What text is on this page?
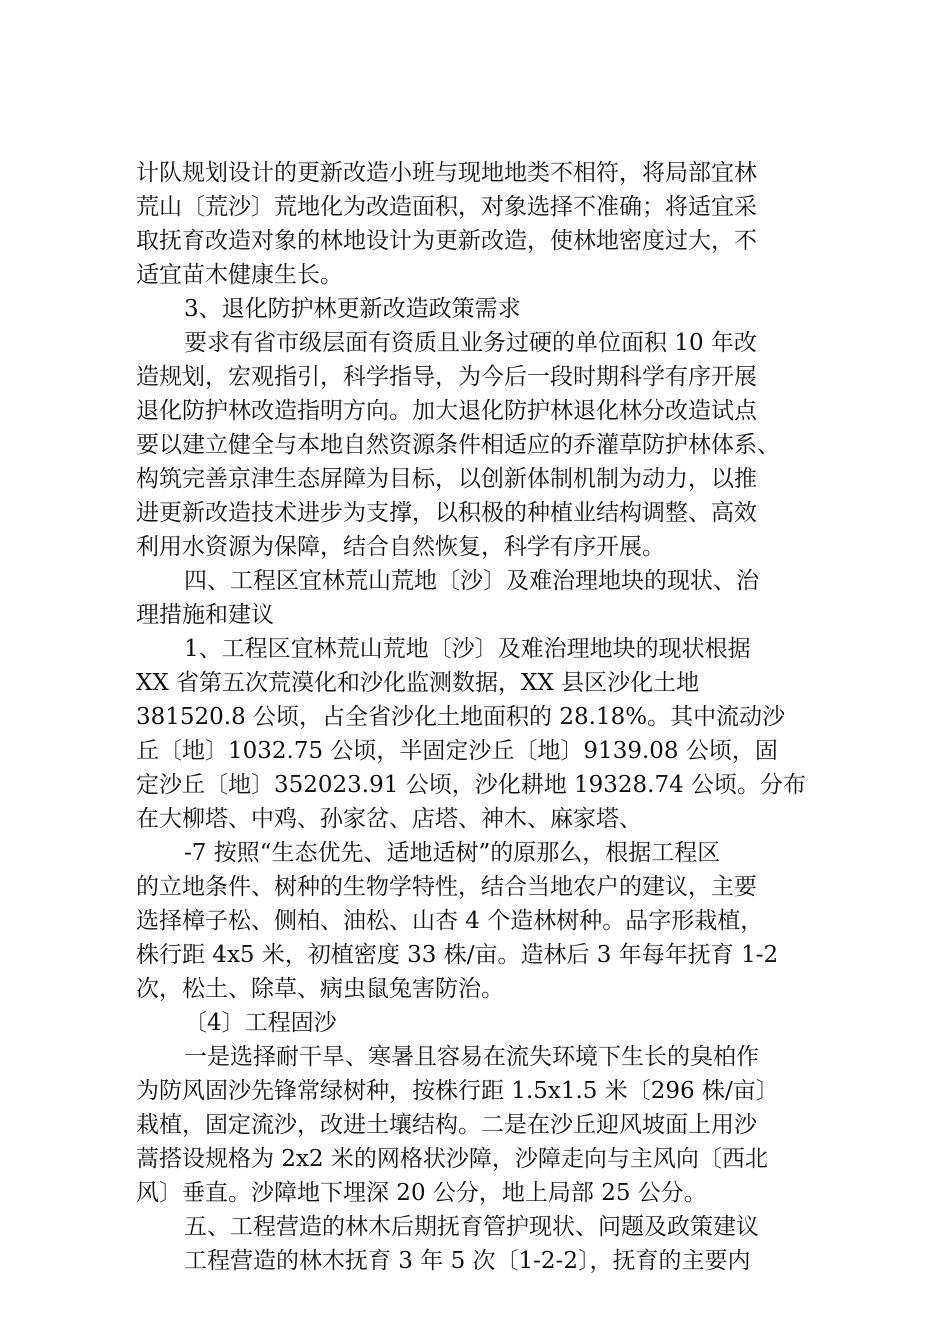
计队规划设计的更新改造小班与现地地类不相符，将局部宜林
荒山〔荒沙〕荒地化为改造面积，对象选择不准确；将适宜采
取抚育改造对象的林地设计为更新改造，使林地密度过大，不
适宜苗木健康生长。
3、退化防护林更新改造政策需求
要求有省市级层面有资质且业务过硬的单位面积 10 年改
造规划，宏观指引，科学指导，为今后一段时期科学有序开展
退化防护林改造指明方向。加大退化防护林退化林分改造试点
要以建立健全与本地自然资源条件相适应的乔灌草防护林体系、
构筑完善京津生态屏障为目标，以创新体制机制为动力，以推
进更新改造技术进步为支撑，以积极的种植业结构调整、高效
利用水资源为保障，结合自然恢复，科学有序开展。
四、工程区宜林荒山荒地〔沙〕及难治理地块的现状、治
理措施和建议
1、工程区宜林荒山荒地〔沙〕及难治理地块的现状根据
XX 省第五次荒漠化和沙化监测数据，XX 县区沙化土地
381520.8 公顷，占全省沙化土地面积的 28.18%。其中流动沙
丘〔地〕1032.75 公顷，半固定沙丘〔地〕9139.08 公顷，固
定沙丘〔地〕352023.91 公顷，沙化耕地 19328.74 公顷。分布
在大柳塔、中鸡、孙家岔、店塔、神木、麻家塔、
-7 按照“生态优先、适地适树”的原那么，根据工程区
的立地条件、树种的生物学特性，结合当地农户的建议，主要
选择樟子松、侧柏、油松、山杏 4 个造林树种。品字形栽植，
株行距 4x5 米，初植密度 33 株/亩。造林后 3 年每年抚育 1-2
次，松土、除草、病虫鼠兔害防治。
〔4〕工程固沙
一是选择耐干旱、寒暑且容易在流失环境下生长的臭柏作
为防风固沙先锋常绿树种，按株行距 1.5x1.5 米〔296 株/亩〕
栽植，固定流沙，改进土壤结构。二是在沙丘迎风坡面上用沙
蒿搭设规格为 2x2 米的网格状沙障，沙障走向与主风向〔西北
风〕垂直。沙障地下埋深 20 公分，地上局部 25 公分。
五、工程营造的林木后期抚育管护现状、问题及政策建议
工程营造的林木抚育 3 年 5 次〔1-2-2〕，抚育的主要内
